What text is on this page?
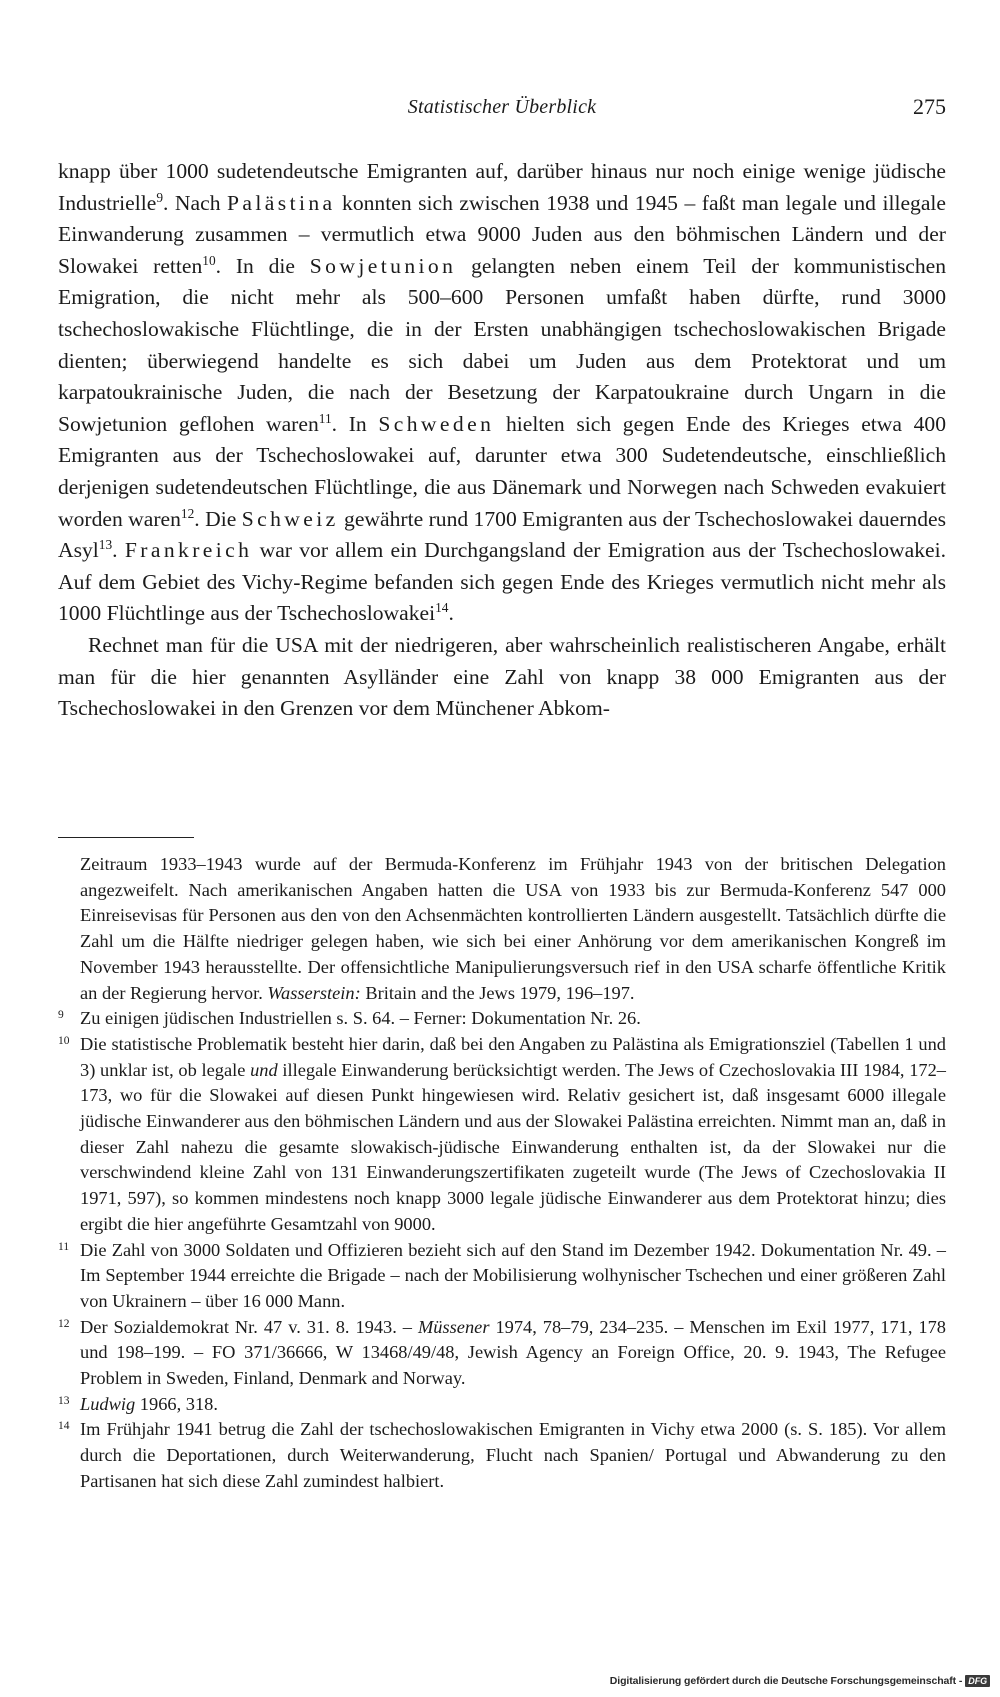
Statistischer Überblick	275

knapp über 1000 sudetendeutsche Emigranten auf, darüber hinaus nur noch einige wenige jüdische Industrielle$^9$. Nach Palästina konnten sich zwischen 1938 und 1945 – faßt man legale und illegale Einwanderung zusammen – vermutlich etwa 9000 Juden aus den böhmischen Ländern und der Slowakei retten$^{10}$. In die Sowjetunion gelangten neben einem Teil der kommunistischen Emigration, die nicht mehr als 500–600 Personen umfaßt haben dürfte, rund 3000 tschechoslowakische Flüchtlinge, die in der Ersten unabhängigen tschechoslowakischen Brigade dienten; überwiegend handelte es sich dabei um Juden aus dem Protektorat und um karpatoukrainische Juden, die nach der Besetzung der Karpatoukraine durch Ungarn in die Sowjetunion geflohen waren$^{11}$. In Schweden hielten sich gegen Ende des Krieges etwa 400 Emigranten aus der Tschechoslowakei auf, darunter etwa 300 Sudetendeutsche, einschließlich derjenigen sudetendeutschen Flüchtlinge, die aus Dänemark und Norwegen nach Schweden evakuiert worden waren$^{12}$. Die Schweiz gewährte rund 1700 Emigranten aus der Tschechoslowakei dauerndes Asyl$^{13}$. Frankreich war vor allem ein Durchgangsland der Emigration aus der Tschechoslowakei. Auf dem Gebiet des Vichy-Regime befanden sich gegen Ende des Krieges vermutlich nicht mehr als 1000 Flüchtlinge aus der Tschechoslowakei$^{14}$.

Rechnet man für die USA mit der niedrigeren, aber wahrscheinlich realistischeren Angabe, erhält man für die hier genannten Asylländer eine Zahl von knapp 38 000 Emigranten aus der Tschechoslowakei in den Grenzen vor dem Münchener Abkom-

Zeitraum 1933–1943 wurde auf der Bermuda-Konferenz im Frühjahr 1943 von der britischen Delegation angezweifelt. Nach amerikanischen Angaben hatten die USA von 1933 bis zur Bermuda-Konferenz 547 000 Einreisevisas für Personen aus den von den Achsenmächten kontrollierten Ländern ausgestellt. Tatsächlich dürfte die Zahl um die Hälfte niedriger gelegen haben, wie sich bei einer Anhörung vor dem amerikanischen Kongreß im November 1943 herausstellte. Der offensichtliche Manipulierungsversuch rief in den USA scharfe öffentliche Kritik an der Regierung hervor. Wasserstein: Britain and the Jews 1979, 196–197.

9 Zu einigen jüdischen Industriellen s. S. 64. – Ferner: Dokumentation Nr. 26.

10 Die statistische Problematik besteht hier darin, daß bei den Angaben zu Palästina als Emigrationsziel (Tabellen 1 und 3) unklar ist, ob legale und illegale Einwanderung berücksichtigt werden. The Jews of Czechoslovakia III 1984, 172–173, wo für die Slowakei auf diesen Punkt hingewiesen wird. Relativ gesichert ist, daß insgesamt 6000 illegale jüdische Einwanderer aus den böhmischen Ländern und aus der Slowakei Palästina erreichten. Nimmt man an, daß in dieser Zahl nahezu die gesamte slowakisch-jüdische Einwanderung enthalten ist, da der Slowakei nur die verschwindend kleine Zahl von 131 Einwanderungszertifikaten zugeteilt wurde (The Jews of Czechoslovakia II 1971, 597), so kommen mindestens noch knapp 3000 legale jüdische Einwanderer aus dem Protektorat hinzu; dies ergibt die hier angeführte Gesamtzahl von 9000.

11 Die Zahl von 3000 Soldaten und Offizieren bezieht sich auf den Stand im Dezember 1942. Dokumentation Nr. 49. – Im September 1944 erreichte die Brigade – nach der Mobilisierung wolhynischer Tschechen und einer größeren Zahl von Ukrainern – über 16 000 Mann.

12 Der Sozialdemokrat Nr. 47 v. 31. 8. 1943. – Müssener 1974, 78–79, 234–235. – Menschen im Exil 1977, 171, 178 und 198–199. – FO 371/36666, W 13468/49/48, Jewish Agency an Foreign Office, 20. 9. 1943, The Refugee Problem in Sweden, Finland, Denmark and Norway.

13 Ludwig 1966, 318.

14 Im Frühjahr 1941 betrug die Zahl der tschechoslowakischen Emigranten in Vichy etwa 2000 (s. S. 185). Vor allem durch die Deportationen, durch Weiterwanderung, Flucht nach Spanien/ Portugal und Abwanderung zu den Partisanen hat sich diese Zahl zumindest halbiert.

Digitalisierung gefördert durch die Deutsche Forschungsgemeinschaft - DFG
